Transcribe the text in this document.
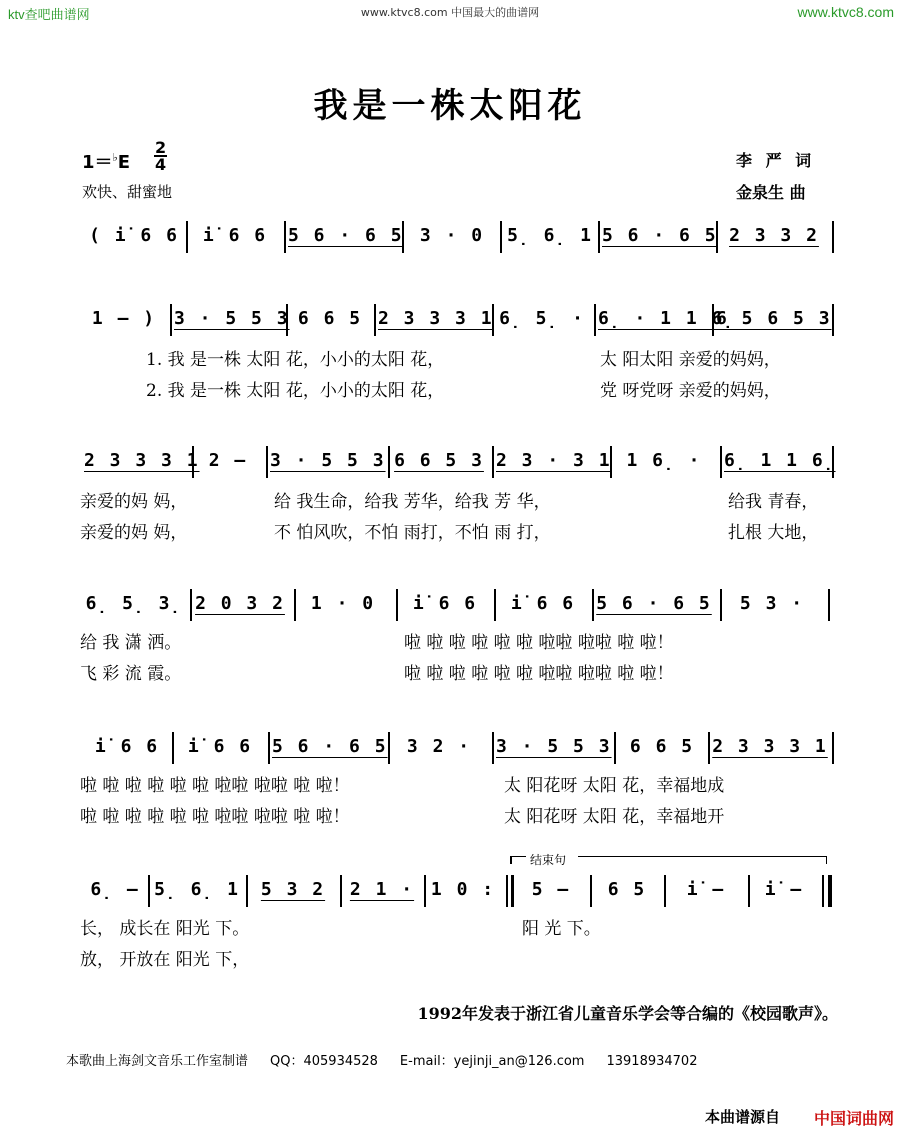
ktv查吧曲谱网	www.ktvc8.com 中国最大的曲谱网	www.ktvc8.com
我是一株太阳花
1＝♭E
2
4
欢快、甜蜜地
李 严 词
金泉生 曲
( i̇ 6 6	i̇ 6 6	5 6 · 6 5 3 · 0	5̣ 6̣ 1 5 6 · 6 5 2 3 3 2
1 – ) 3 · 5 5 3 6 6 5 2 3 3 3 1 6̣ 5̣ · 6̣ · 1 1 6̣
6 5 6 5 3
1. 我 是一株 太阳 花，小小的太阳 花，	太 阳太阳 亲爱的妈妈，
2. 我 是一株 太阳 花，小小的太阳 花，	党 呀党呀 亲爱的妈妈，
2 3 3 3 1 2 –	3 · 5 5 3 6 6 5 3 2 3 · 3 1 1 6̣ ·	6̣ 1 1 6̣
亲爱的妈 妈，	给 我生命，给我 芳华，给我 芳 华，	给我 青春，
亲爱的妈 妈，	不 怕风吹，不怕 雨打，不怕 雨 打，	扎根 大地，
6̣ 5̣ 3̣ 2 0 3 2	1 · 0	i̇ 6 6	i̇ 6 6	5 6 · 6 5	5 3 ·
给 我 潇 洒。	啦 啦 啦 啦 啦 啦 啦啦 啦啦 啦 啦！
飞 彩 流 霞。	啦 啦 啦 啦 啦 啦 啦啦 啦啦 啦 啦！
i̇ 6 6	i̇ 6 6	5 6 · 6 5	3 2 ·	3 · 5 5 3	6 6 5	2 3 3 3 1
啦 啦 啦 啦 啦 啦 啦啦 啦啦 啦 啦！	太 阳花呀 太阳 花，幸福地成
啦 啦 啦 啦 啦 啦 啦啦 啦啦 啦 啦！	太 阳花呀 太阳 花，幸福地开
结束句
6̣ – 5̣ 6̣ 1	5 3 2	2 1 · 1 0 :	5 –	6 5	i̇ –	i̇ –
长， 成长在 阳光 下。	阳 光 下。
放， 开放在 阳光 下，
1992年发表于浙江省儿童音乐学会等合编的《校园歌声》。
本歌曲上海剑文音乐工作室制谱 QQ：405934528 E-mail：yejinji_an@126.com 13918934702
本曲谱源自 中国词曲网
